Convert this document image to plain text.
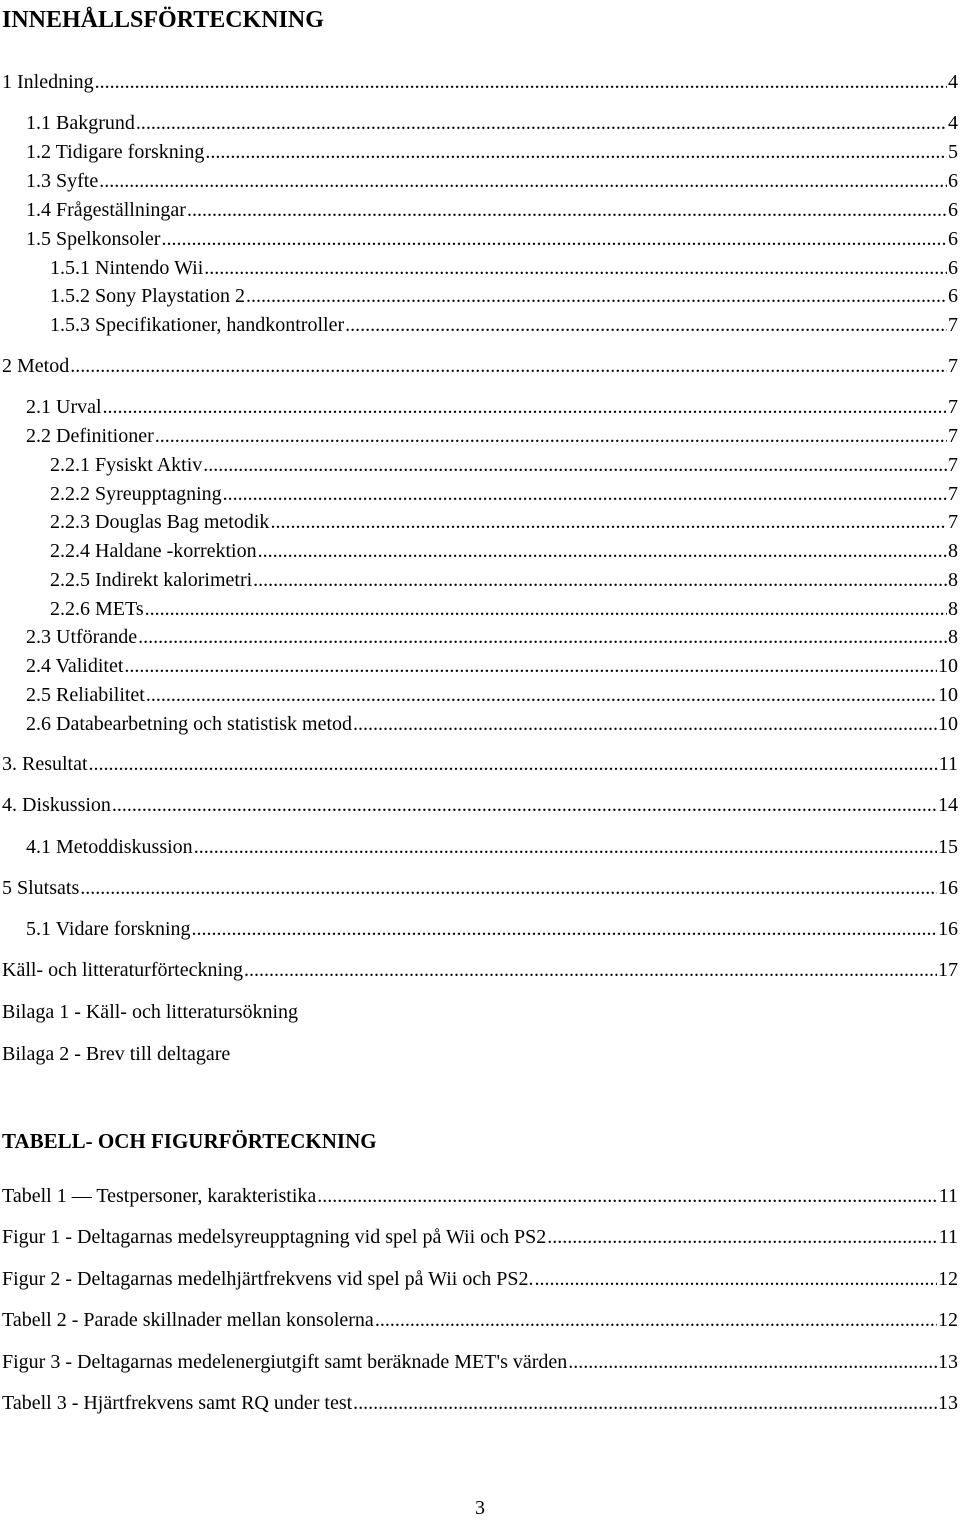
INNEHÅLLSFÖRTECKNING
1 Inledning .....	4
1.1 Bakgrund .....	4
1.2 Tidigare forskning .....	5
1.3 Syfte .....	6
1.4 Frågeställningar .....	6
1.5 Spelkonsoler .....	6
1.5.1 Nintendo Wii .....	6
1.5.2 Sony Playstation 2 .....	6
1.5.3 Specifikationer, handkontroller .....	7
2 Metod .....	7
2.1 Urval .....	7
2.2 Definitioner .....	7
2.2.1 Fysiskt Aktiv .....	7
2.2.2 Syreupptagning .....	7
2.2.3 Douglas Bag metodik .....	7
2.2.4 Haldane -korrektion .....	8
2.2.5 Indirekt kalorimetri .....	8
2.2.6 METs .....	8
2.3 Utförande .....	8
2.4 Validitet .....	10
2.5 Reliabilitet .....	10
2.6 Databearbetning och statistisk metod .....	10
3. Resultat .....	11
4. Diskussion .....	14
4.1 Metoddiskussion .....	15
5 Slutsats .....	16
5.1 Vidare forskning .....	16
Käll- och litteraturförteckning .....	17
Bilaga 1 - Käll- och litteratursökning
Bilaga 2 - Brev till deltagare
TABELL- OCH FIGURFÖRTECKNING
Tabell 1 — Testpersoner, karakteristika .....	11
Figur 1 - Deltagarnas medelsyreupptagning vid spel på Wii och PS2 .....	11
Figur 2 - Deltagarnas medelhjärtfrekvens vid spel på Wii och PS2. .....	12
Tabell 2 - Parade skillnader mellan konsolerna .....	12
Figur 3 - Deltagarnas medelenergiutgift samt beräknade MET's värden .....	13
Tabell 3 - Hjärtfrekvens samt RQ under test .....	13
3
